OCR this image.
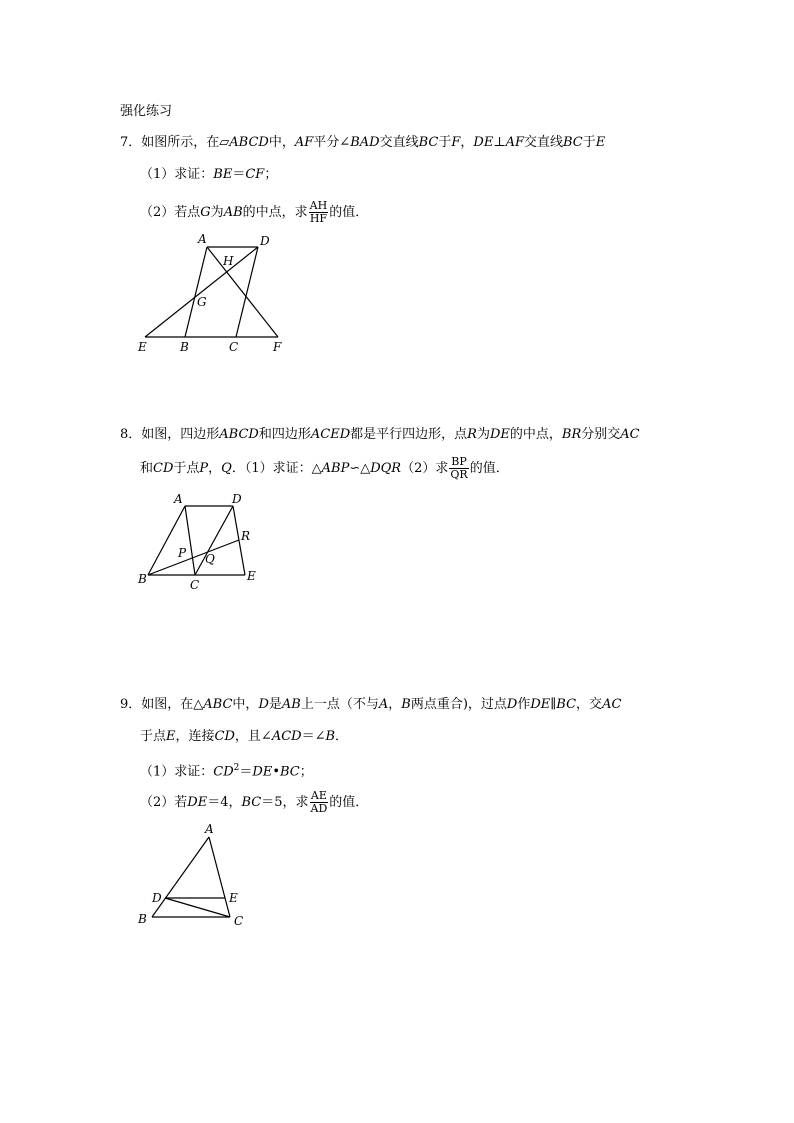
强化练习
7．如图所示，在▱ABCD中，AF平分∠BAD交直线BC于F，DE⊥AF交直线BC于E
（1）求证：BE＝CF；
（2）若点G为AB的中点，求 $\frac{AH}{HF}$ 的值．
A	D
H
G
E	B	C	F
8．如图，四边形ABCD和四边形ACED都是平行四边形，点R为DE的中点，BR分别交AC
和CD于点P，Q．（1）求证：△ABP∽△DQR（2）求 $\frac{BP}{QR}$ 的值．
A	D
R
P Q
B	C
E
9．如图，在△ABC中，D是AB上一点（不与A，B两点重合)，过点D作DE∥BC，交AC
于点E，连接CD，且∠ACD＝∠B．
（1）求证：$CD^2=DE•BC$；
（2）若DE＝4，BC＝5，求 $\frac{AE}{AD}$ 的值．
A
D	E
B	C
